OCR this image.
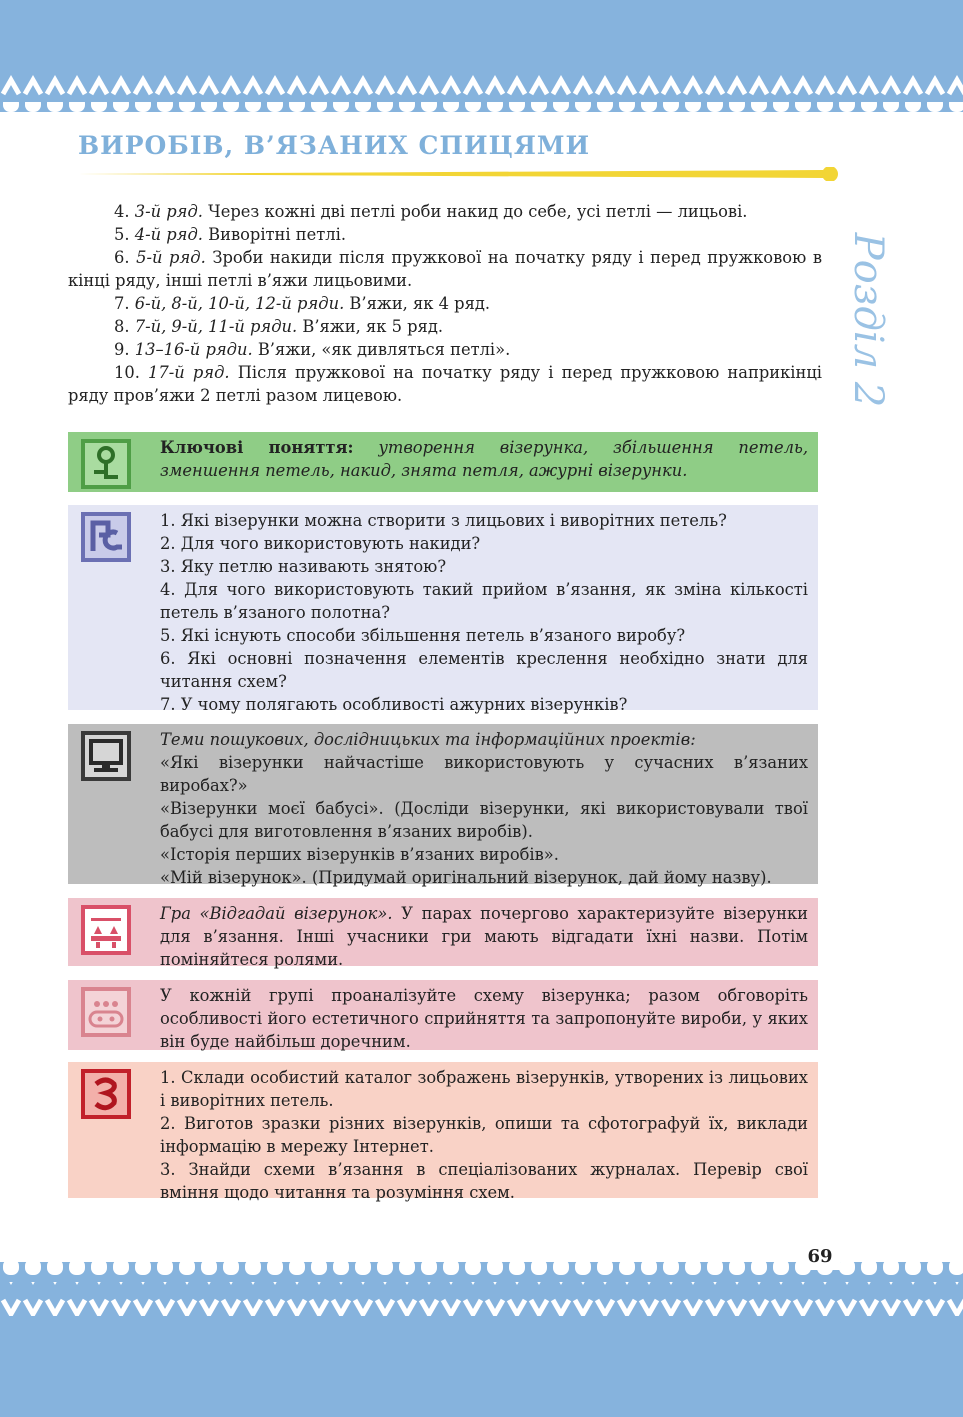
ВИРОБІВ, В’ЯЗАНИХ СПИЦЯМИ
Розділ 2

4. 3-й ряд. Через кожні дві петлі роби накид до себе, усі петлі — лицьові.

5. 4-й ряд. Виворітні петлі.

6. 5-й ряд. Зроби накиди після пружкової на початку ряду і перед пружковою в кінці ряду, інші петлі в’яжи лицьовими.

7. 6-й, 8-й, 10-й, 12-й ряди. В’яжи, як 4 ряд.

8. 7-й, 9-й, 11-й ряди. В’яжи, як 5 ряд.

9. 13–16-й ряди. В’яжи, «як дивляться петлі».

10. 17-й ряд. Після пружкової на початку ряду і перед пружковою наприкінці ряду пров’яжи 2 петлі разом лицевою.

Ключові поняття: утворення візерунка, збільшення петель, зменшення петель, накид, знята петля, ажурні візерунки.
1. Які візерунки можна створити з лицьових і виворітних петель?
2. Для чого використовують накиди?
3. Яку петлю називають знятою?
4. Для чого використовують такий прийом в’язання, як зміна кількості петель в’язаного полотна?
5. Які існують способи збільшення петель в’язаного виробу?
6. Які основні позначення елементів креслення необхідно знати для читання схем?
7. У чому полягають особливості ажурних візерунків?
Теми пошукових, дослідницьких та інформаційних проектів:
«Які візерунки найчастіше використовують у сучасних в’язаних виробах?»
«Візерунки моєї бабусі». (Досліди візерунки, які використовували твої бабусі для виготовлення в’язаних виробів).
«Історія перших візерунків в’язаних виробів».
«Мій візерунок». (Придумай оригінальний візерунок, дай йому назву).
Гра «Відгадай візерунок». У парах почергово характеризуйте візерунки для в’язання. Інші учасники гри мають відгадати їхні назви. Потім поміняйтеся ролями.
У кожній групі проаналізуйте схему візерунка; разом обговоріть особливості його естетичного сприйняття та запропонуйте вироби, у яких він буде найбільш доречним.
1. Склади особистий каталог зображень візерунків, утворених із лицьових і виворітних петель.
2. Виготов зразки різних візерунків, опиши та сфотографуй їх, виклади інформацію в мережу Інтернет.
3. Знайди схеми в’язання в спеціалізованих журналах. Перевір свої вміння щодо читання та розуміння схем.
69
